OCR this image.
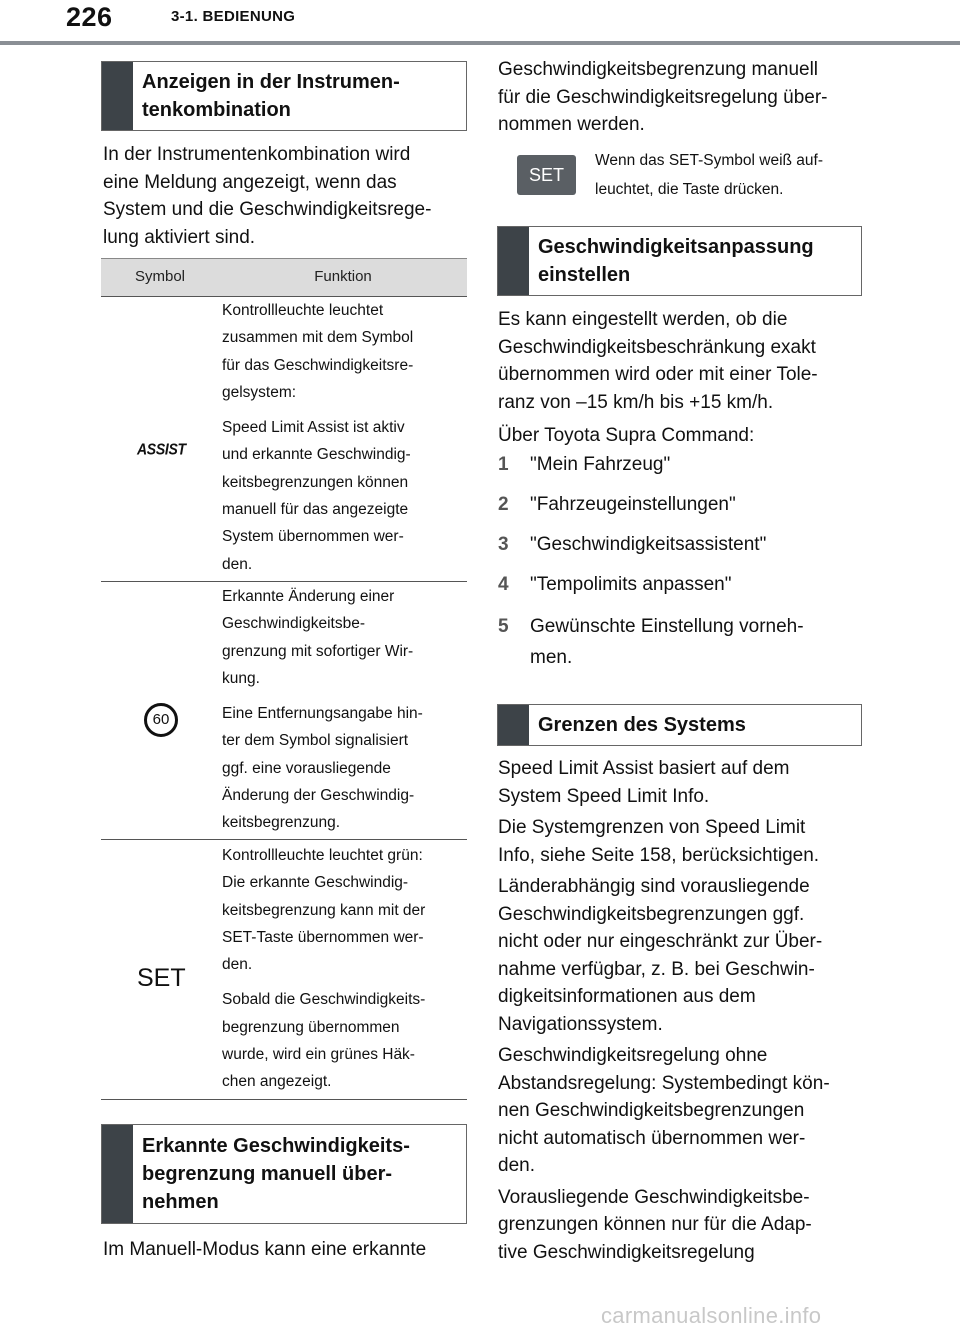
226	3-1. BEDIENUNG
Anzeigen in der Instrumen-
tenkombination

In der Instrumentenkombination wird

eine Meldung angezeigt, wenn das

System und die Geschwindigkeitsrege-

lung aktiviert sind.

Symbol	Funktion
ASSIST

Kontrollleuchte leuchtet
zusammen mit dem Symbol
für das Geschwindigkeitsre-
gelsystem:

Speed Limit Assist ist aktiv
und erkannte Geschwindig-
keitsbegrenzungen können
manuell für das angezeigte
System übernommen wer-
den.

60

Erkannte Änderung einer
Geschwindigkeitsbe-
grenzung mit sofortiger Wir-
kung.

Eine Entfernungsangabe hin-
ter dem Symbol signalisiert
ggf. eine vorausliegende
Änderung der Geschwindig-
keitsbegrenzung.

SET

Kontrollleuchte leuchtet grün:
Die erkannte Geschwindig-
keitsbegrenzung kann mit der
SET-Taste übernommen wer-
den.

Sobald die Geschwindigkeits-
begrenzung übernommen
wurde, wird ein grünes Häk-
chen angezeigt.

Erkannte Geschwindigkeits-
begrenzung manuell über-
nehmen

Im Manuell-Modus kann eine erkannte

Geschwindigkeitsbegrenzung manuell

für die Geschwindigkeitsregelung über-

nommen werden.

SET
Wenn das SET-Symbol weiß auf-
leuchtet, die Taste drücken.
Geschwindigkeitsanpassung
einstellen

Es kann eingestellt werden, ob die

Geschwindigkeitsbeschränkung exakt

übernommen wird oder mit einer Tole-

ranz von –15 km/h bis +15 km/h.

Über Toyota Supra Command:

1 "Mein Fahrzeug"
2 "Fahrzeugeinstellungen"
3 "Geschwindigkeitsassistent"
4 "Tempolimits anpassen"
5 Gewünschte Einstellung vorneh-
men.
Grenzen des Systems

Speed Limit Assist basiert auf dem

System Speed Limit Info.

Die Systemgrenzen von Speed Limit

Info, siehe Seite 158, berücksichtigen.

Länderabhängig sind vorausliegende

Geschwindigkeitsbegrenzungen ggf.

nicht oder nur eingeschränkt zur Über-

nahme verfügbar, z. B. bei Geschwin-

digkeitsinformationen aus dem

Navigationssystem.

Geschwindigkeitsregelung ohne

Abstandsregelung: Systembedingt kön-

nen Geschwindigkeitsbegrenzungen

nicht automatisch übernommen wer-

den.

Vorausliegende Geschwindigkeitsbe-

grenzungen können nur für die Adap-

tive Geschwindigkeitsregelung

carmanualsonline.info
